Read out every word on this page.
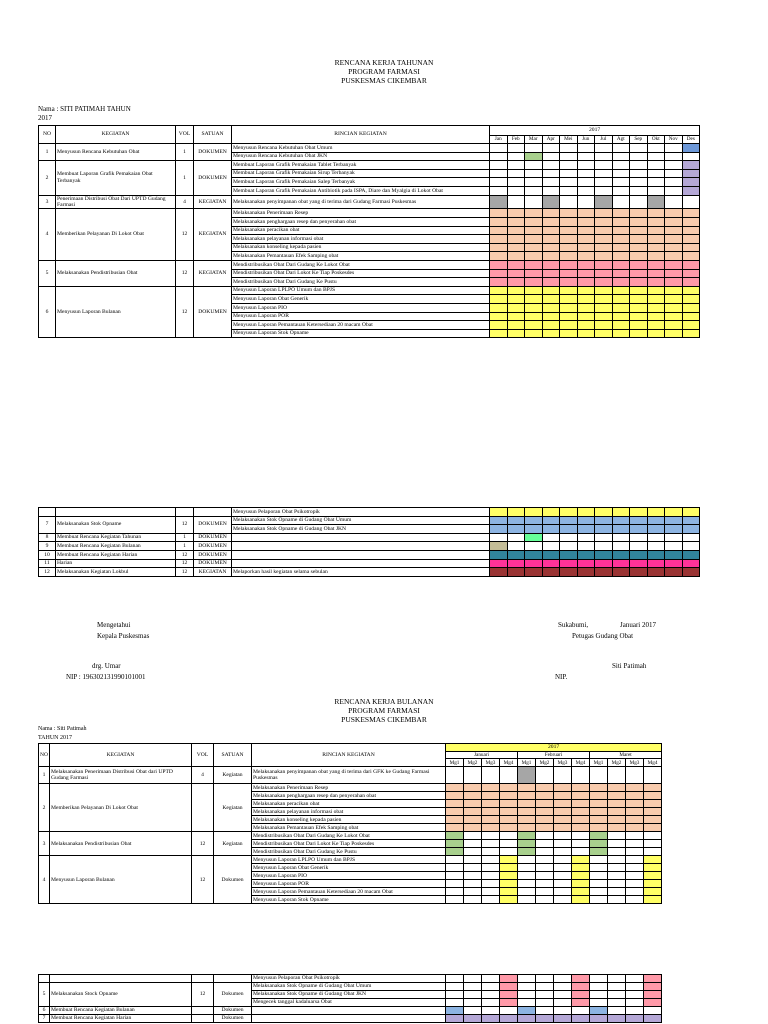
RENCANA KERJA TAHUNAN
PROGRAM FARMASI
PUSKESMAS CIKEMBAR
Nama : SITI PATIMAH TAHUN
2017
NO	KEGIATAN	VOL	SATUAN	RINCIAN KEGIATAN	2017											
					Jan	Feb	Mar	Apr	Mei	Jun	Jul	Agt	Sep	Okt	Nov	Des
1	Menyusun Rencana Kebutuhan Obat	1	DOKUMEN	Menyusun Rencana Kebutuhan Obat Umum												
				Menyusun Rencana Kebutuhan Obat JKN												
2	Membuat Laporan Grafik Pemakaian Obat Terbanyak	1	DOKUMEN	Membuat Laporan Grafik Pemakaian Tablet Terbanyak												
				Membuat Laporan Grafik Pemakaian Sirup Terbanyak												
				Membuat Laporan Grafik Pemakaian Salep Terbanyak												
				Membuat Laporan Grafik Pemakaian Antibiotik pada ISPA, Diare dan Myalgia di Lokot Obat												
3	Penerimaan Distribusi Obat Dari UPTD Gudang Farmasi	4	KEGIATAN	Melaksanakan penyimpanan obat yang di terima dari Gudang Farmasi Puskesmas												
4	Memberikan Pelayanan Di Lokot Obat	12	KEGIATAN	Melaksanakan Penerimaan Resep												
				Melaksanakan penghargaan resep dan penyerahan obat												
				Melaksanakan peracikan obat												
				Melaksanakan pelayanan informasi obat												
				Melaksanakan konseling kepada pasien												
				Melaksanakan Pemantauan Efek Samping obat												
5	Melaksanakan Pendistribusian Obat	12	KEGIATAN	Mendistribusikan Obat Dari Gudang Ke Lokot Obat												
				Mendistribusikan Obat Dari Lokot Ke Tiap Poskesdes												
				Mendistribusikan Obat Dari Gudang Ke Pustu												
6	Menyusun Laporan Bulanan	12	DOKUMEN	Menyusun Laporan LPLPO Umum dan BPJS												
				Menyusun Laporan Obat Generik												
				Menyusun Laporan PIO												
				Menyusun Laporan POR												
				Menyusun Laporan Pemantauan Ketersediaan 20 macam Obat												
				Menyusun Laporan Stok Opname												
				Menyusun Pelaporan Obat Psikotropik												
7	Melaksanakan Stok Opname	12	DOKUMEN	Melaksanakan Stok Opname di Gudang Obat Umum												
				Melaksanakan Stok Opname di Gudang Obat JKN												
8	Membuat Rencana Kegiatan Tahunan	1	DOKUMEN													
9	Membuat Rencana Kegiatan Bulanan	1	DOKUMEN													
10	Membuat Rencana Kegiatan Harian	12	DOKUMEN													
11	Harian	12	DOKUMEN													
12	Melaksanakan Kegiatan Lokbul	12	KEGIATAN	Melaporkan hasil kegiatan selama sebulan												
Mengetahui
Kepala Puskesmas
drg. Umar
NIP : 196302131990101001
Sukabumi,	Januari 2017
Petugas Gudang Obat
Siti Patimah
NIP.
RENCANA KERJA BULANAN
PROGRAM FARMASI
PUSKESMAS CIKEMBAR
Nama : Siti Patimah
TAHUN 2017
NO	KEGIATAN	VOL	SATUAN	RINCIAN KEGIATAN	2017											
					Januari				Februari				Maret			
					Mg1	Mg2	Mg3	Mg4	Mg1	Mg2	Mg3	Mg4	Mg1	Mg2	Mg3	Mg4
1	Melaksanakan Penerimaan Distribusi Obat dari UPTD Gudang Farmasi	4	Kegiatan	Melaksanakan penyimpanan obat yang di terima dari GFK ke Gudang Farmasi Puskesmas												
2	Memberikan Pelayanan Di Lokot Obat		Kegiatan	Melaksanakan Penerimaan Resep												
				Melaksanakan penghargaan resep dan penyerahan obat												
				Melaksanakan peracikan obat												
				Melaksanakan pelayanan informasi obat												
				Melaksanakan konseling kepada pasien												
				Melaksanakan Pemantauan Efek Samping obat												
3	Melaksanakan Pendistribusian Obat	12	Kegiatan	Mendistribusikan Obat Dari Gudang Ke Lokot Obat												
				Mendistribusikan Obat Dari Lokot Ke Tiap Poskesdes												
				Mendistribusikan Obat Dari Gudang Ke Pustu												
4	Menyusun Laporan Bulanan	12	Dokumen	Menyusun Laporan LPLPO Umum dan BPJS												
				Menyusun Laporan Obat Generik												
				Menyusun Laporan PIO												
				Menyusun Laporan POR												
				Menyusun Laporan Pemantauan Ketersediaan 20 macam Obat												
				Menyusun Laporan Stok Opname												
				Menyusun Pelaporan Obat Psikotropik												
5	Melaksanakan Stock Opname	12	Dokumen	Melaksanakan Stok Opname di Gudang Obat Umum												
				Melaksanakan Stok Opname di Gudang Obat JKN												
				Mengecek tanggal kadaluarsa Obat												
6	Membuat Rencana Kegiatan Bulanan		Dokumen													
7	Membuat Rencana Kegiatan Harian		Dokumen													
